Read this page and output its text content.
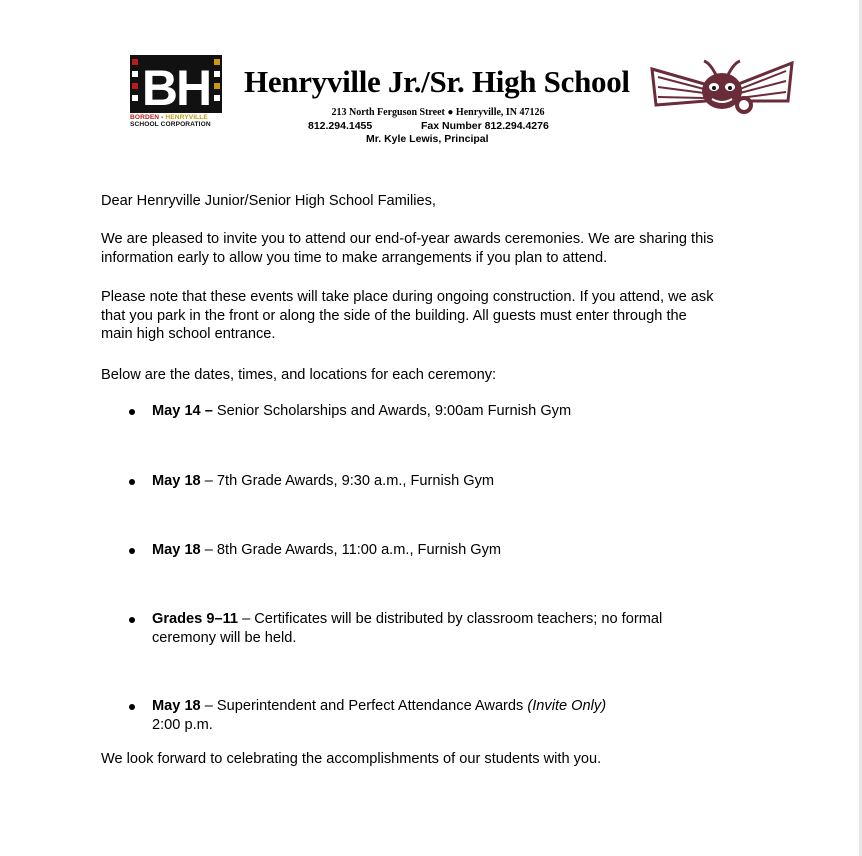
BH
BORDEN - HENRYVILLE
SCHOOL CORPORATION
Henryville Jr./Sr. High School
213 North Ferguson Street ● Henryville, IN 47126
812.294.1455	Fax Number 812.294.4276
Mr. Kyle Lewis, Principal

Dear Henryville Junior/Senior High School Families,

We are pleased to invite you to attend our end-of-year awards ceremonies. We are sharing this
information early to allow you time to make arrangements if you plan to attend.

Please note that these events will take place during ongoing construction. If you attend, we ask
that you park in the front or along the side of the building. All guests must enter through the
main high school entrance.

Below are the dates, times, and locations for each ceremony:

May 14 – Senior Scholarships and Awards, 9:00am Furnish Gym
May 18 – 7th Grade Awards, 9:30 a.m., Furnish Gym
May 18 – 8th Grade Awards, 11:00 a.m., Furnish Gym
Grades 9–11 – Certificates will be distributed by classroom teachers; no formal
ceremony will be held.
May 18 – Superintendent and Perfect Attendance Awards (Invite Only)
2:00 p.m.

We look forward to celebrating the accomplishments of our students with you.
